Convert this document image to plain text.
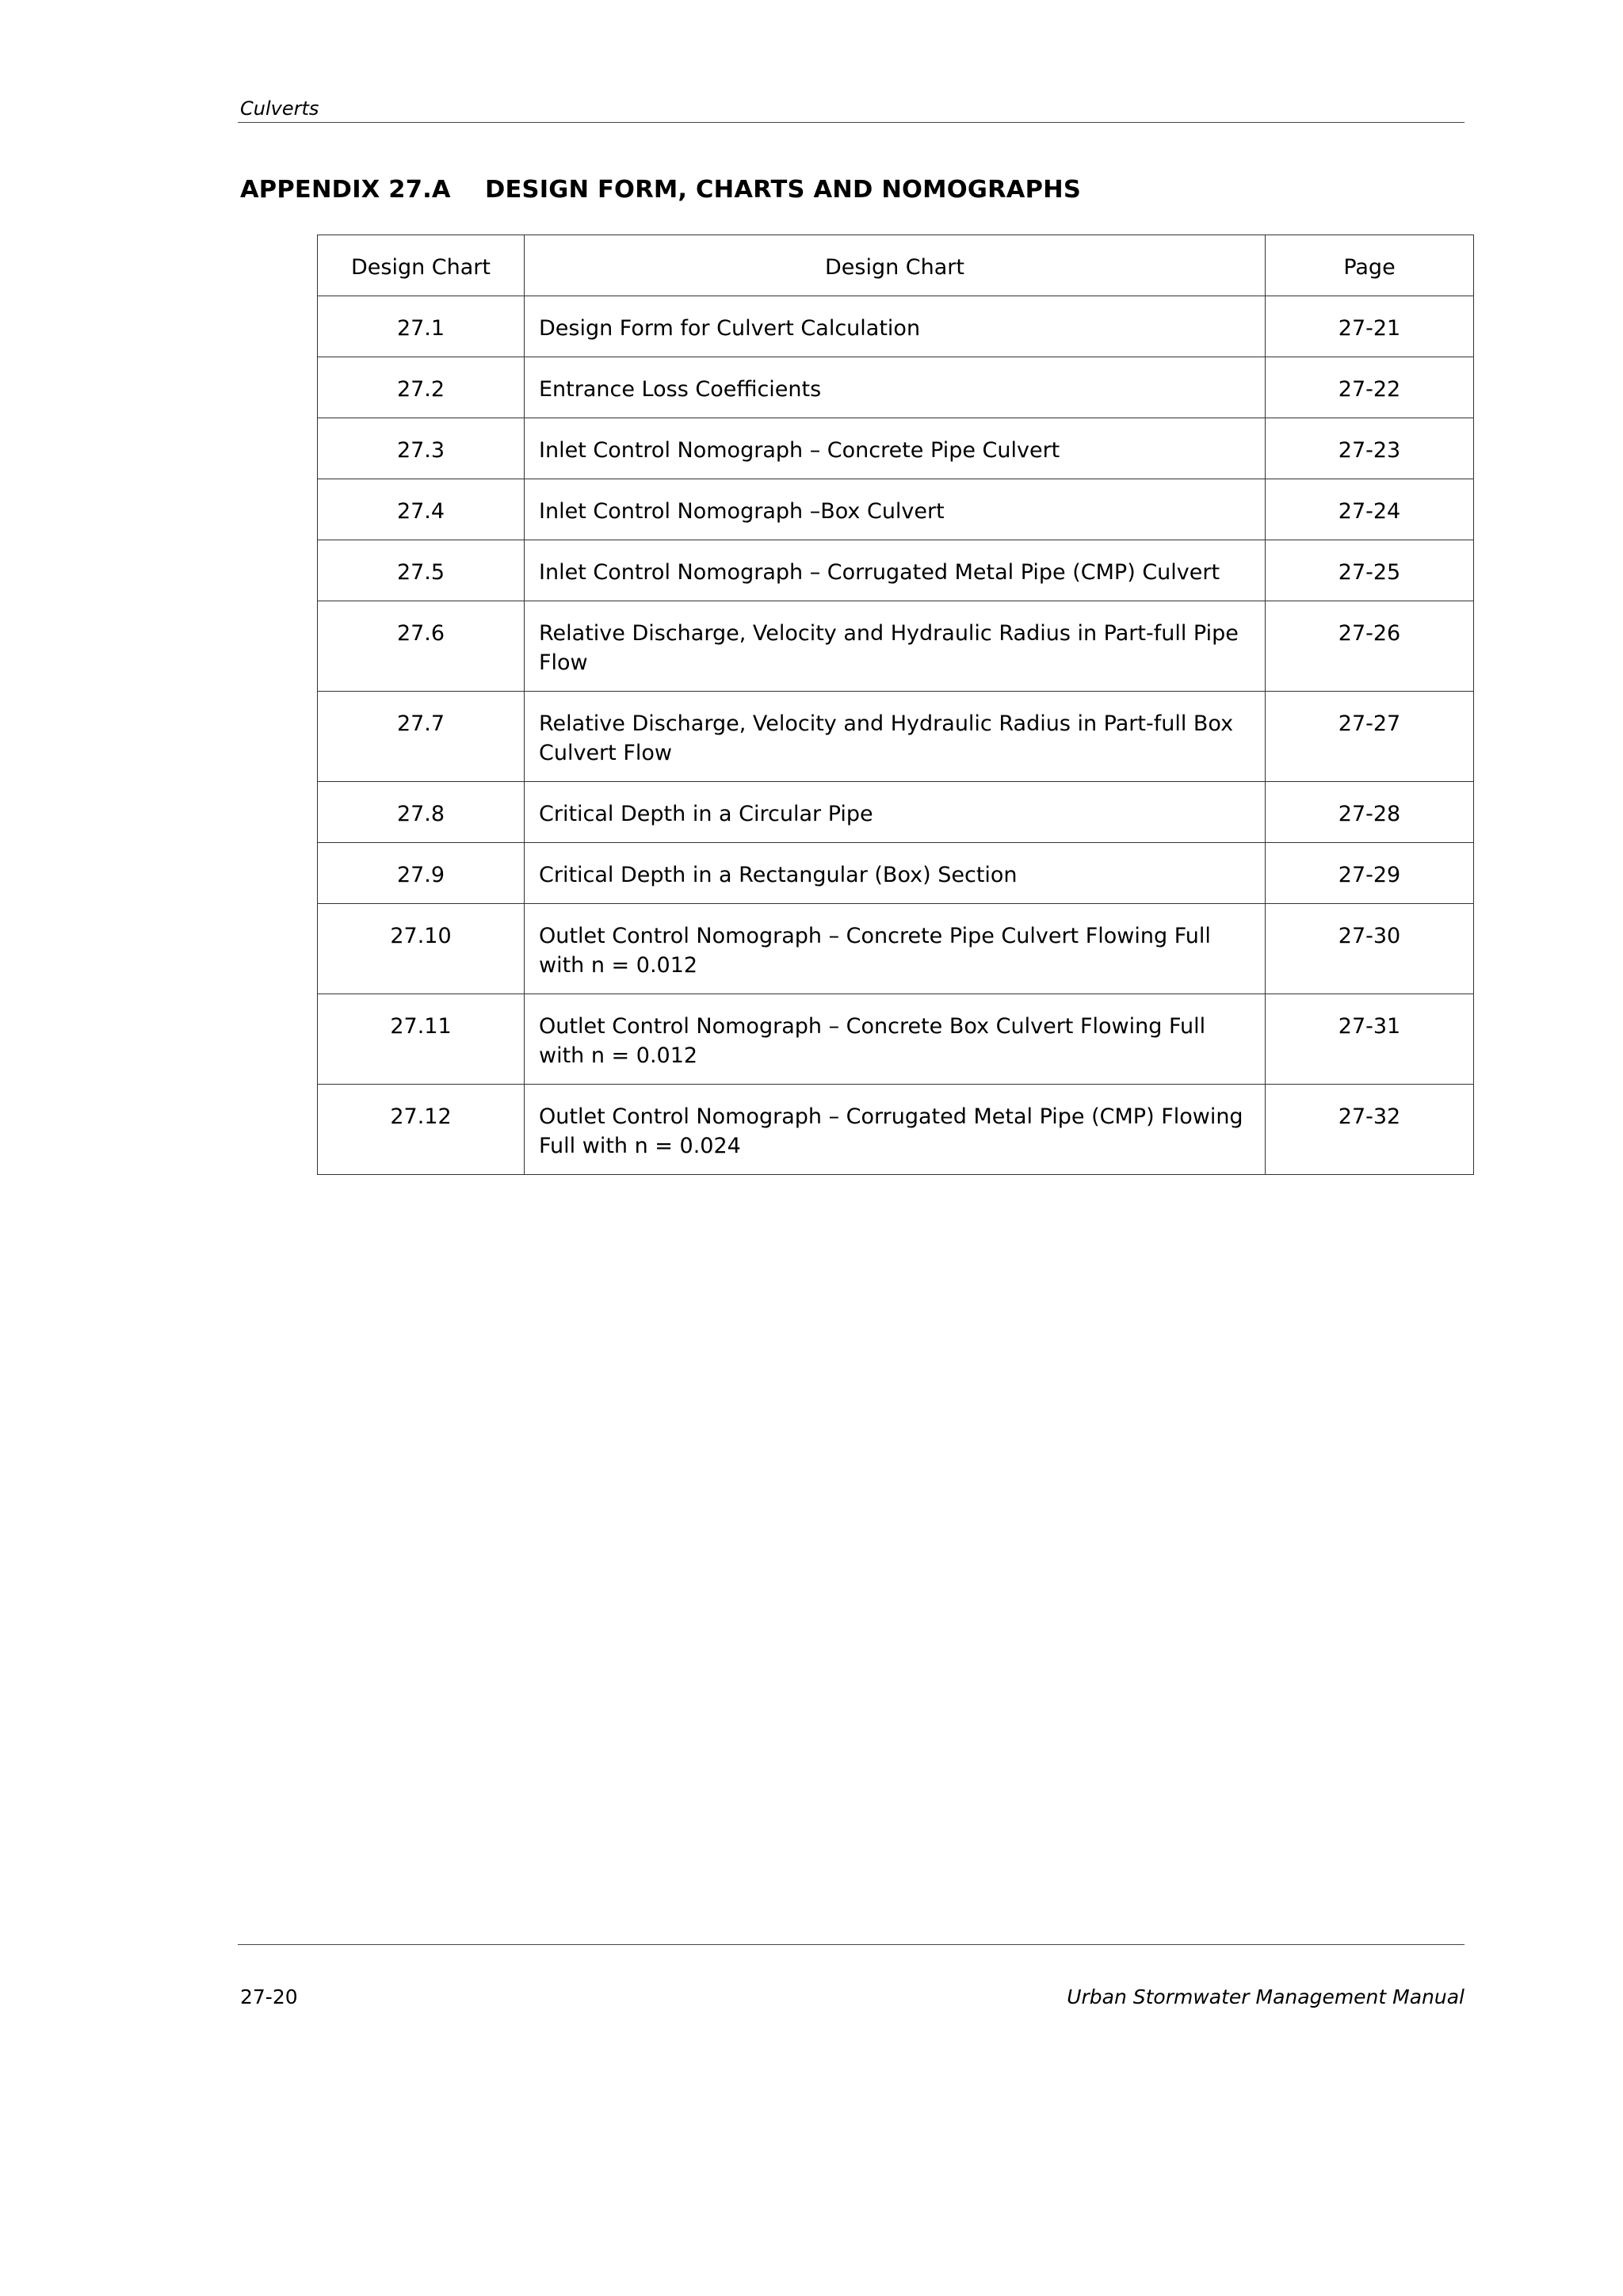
Culverts
APPENDIX 27.A    DESIGN FORM, CHARTS AND NOMOGRAPHS
Design Chart	Design Chart	Page
27.1	Design Form for Culvert Calculation	27-21
27.2	Entrance Loss Coefficients	27-22
27.3	Inlet Control Nomograph – Concrete Pipe Culvert	27-23
27.4	Inlet Control Nomograph –Box Culvert	27-24
27.5	Inlet Control Nomograph – Corrugated Metal Pipe (CMP) Culvert	27-25
27.6	Relative Discharge, Velocity and Hydraulic Radius in Part-full Pipe Flow	27-26
27.7	Relative Discharge, Velocity and Hydraulic Radius in Part-full Box Culvert Flow	27-27
27.8	Critical Depth in a Circular Pipe	27-28
27.9	Critical Depth in a Rectangular (Box) Section	27-29
27.10	Outlet Control Nomograph – Concrete Pipe Culvert Flowing Full with n = 0.012	27-30
27.11	Outlet Control Nomograph – Concrete Box Culvert Flowing Full with n = 0.012	27-31
27.12	Outlet Control Nomograph – Corrugated Metal Pipe (CMP) Flowing Full with n = 0.024	27-32
27-20	Urban Stormwater Management Manual
